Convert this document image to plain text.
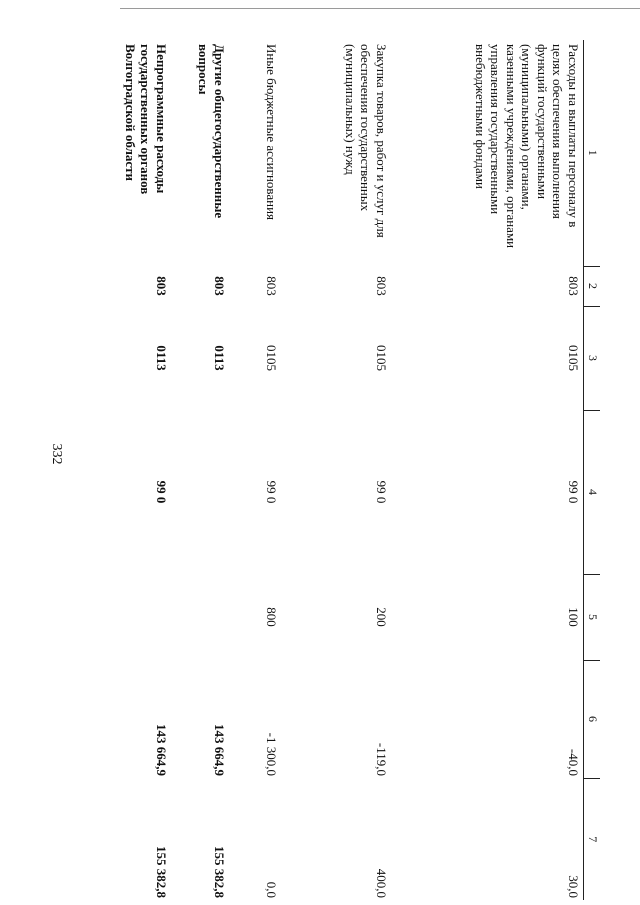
332
1	2	3	4	5	6	7
Расходы на выплаты персоналу в целях обеспечения выполнения функций государственными (муниципальными) органами, казенными учреждениями, органами управления государственными внебюджетными фондами	803	0105	99 0	100	-40,0	30,0
Закупка товаров, работ и услуг для обеспечения государственных (муниципальных) нужд	803	0105	99 0	200	-119,0	400,0
Иные бюджетные ассигнования	803	0105	99 0	800	-1 300,0	0,0
Другие общегосударственные вопросы	803	0113			143 664,9	155 382,8
Непрограммные расходы государственных органов Волгоградской области	803	0113	99 0		143 664,9	155 382,8
